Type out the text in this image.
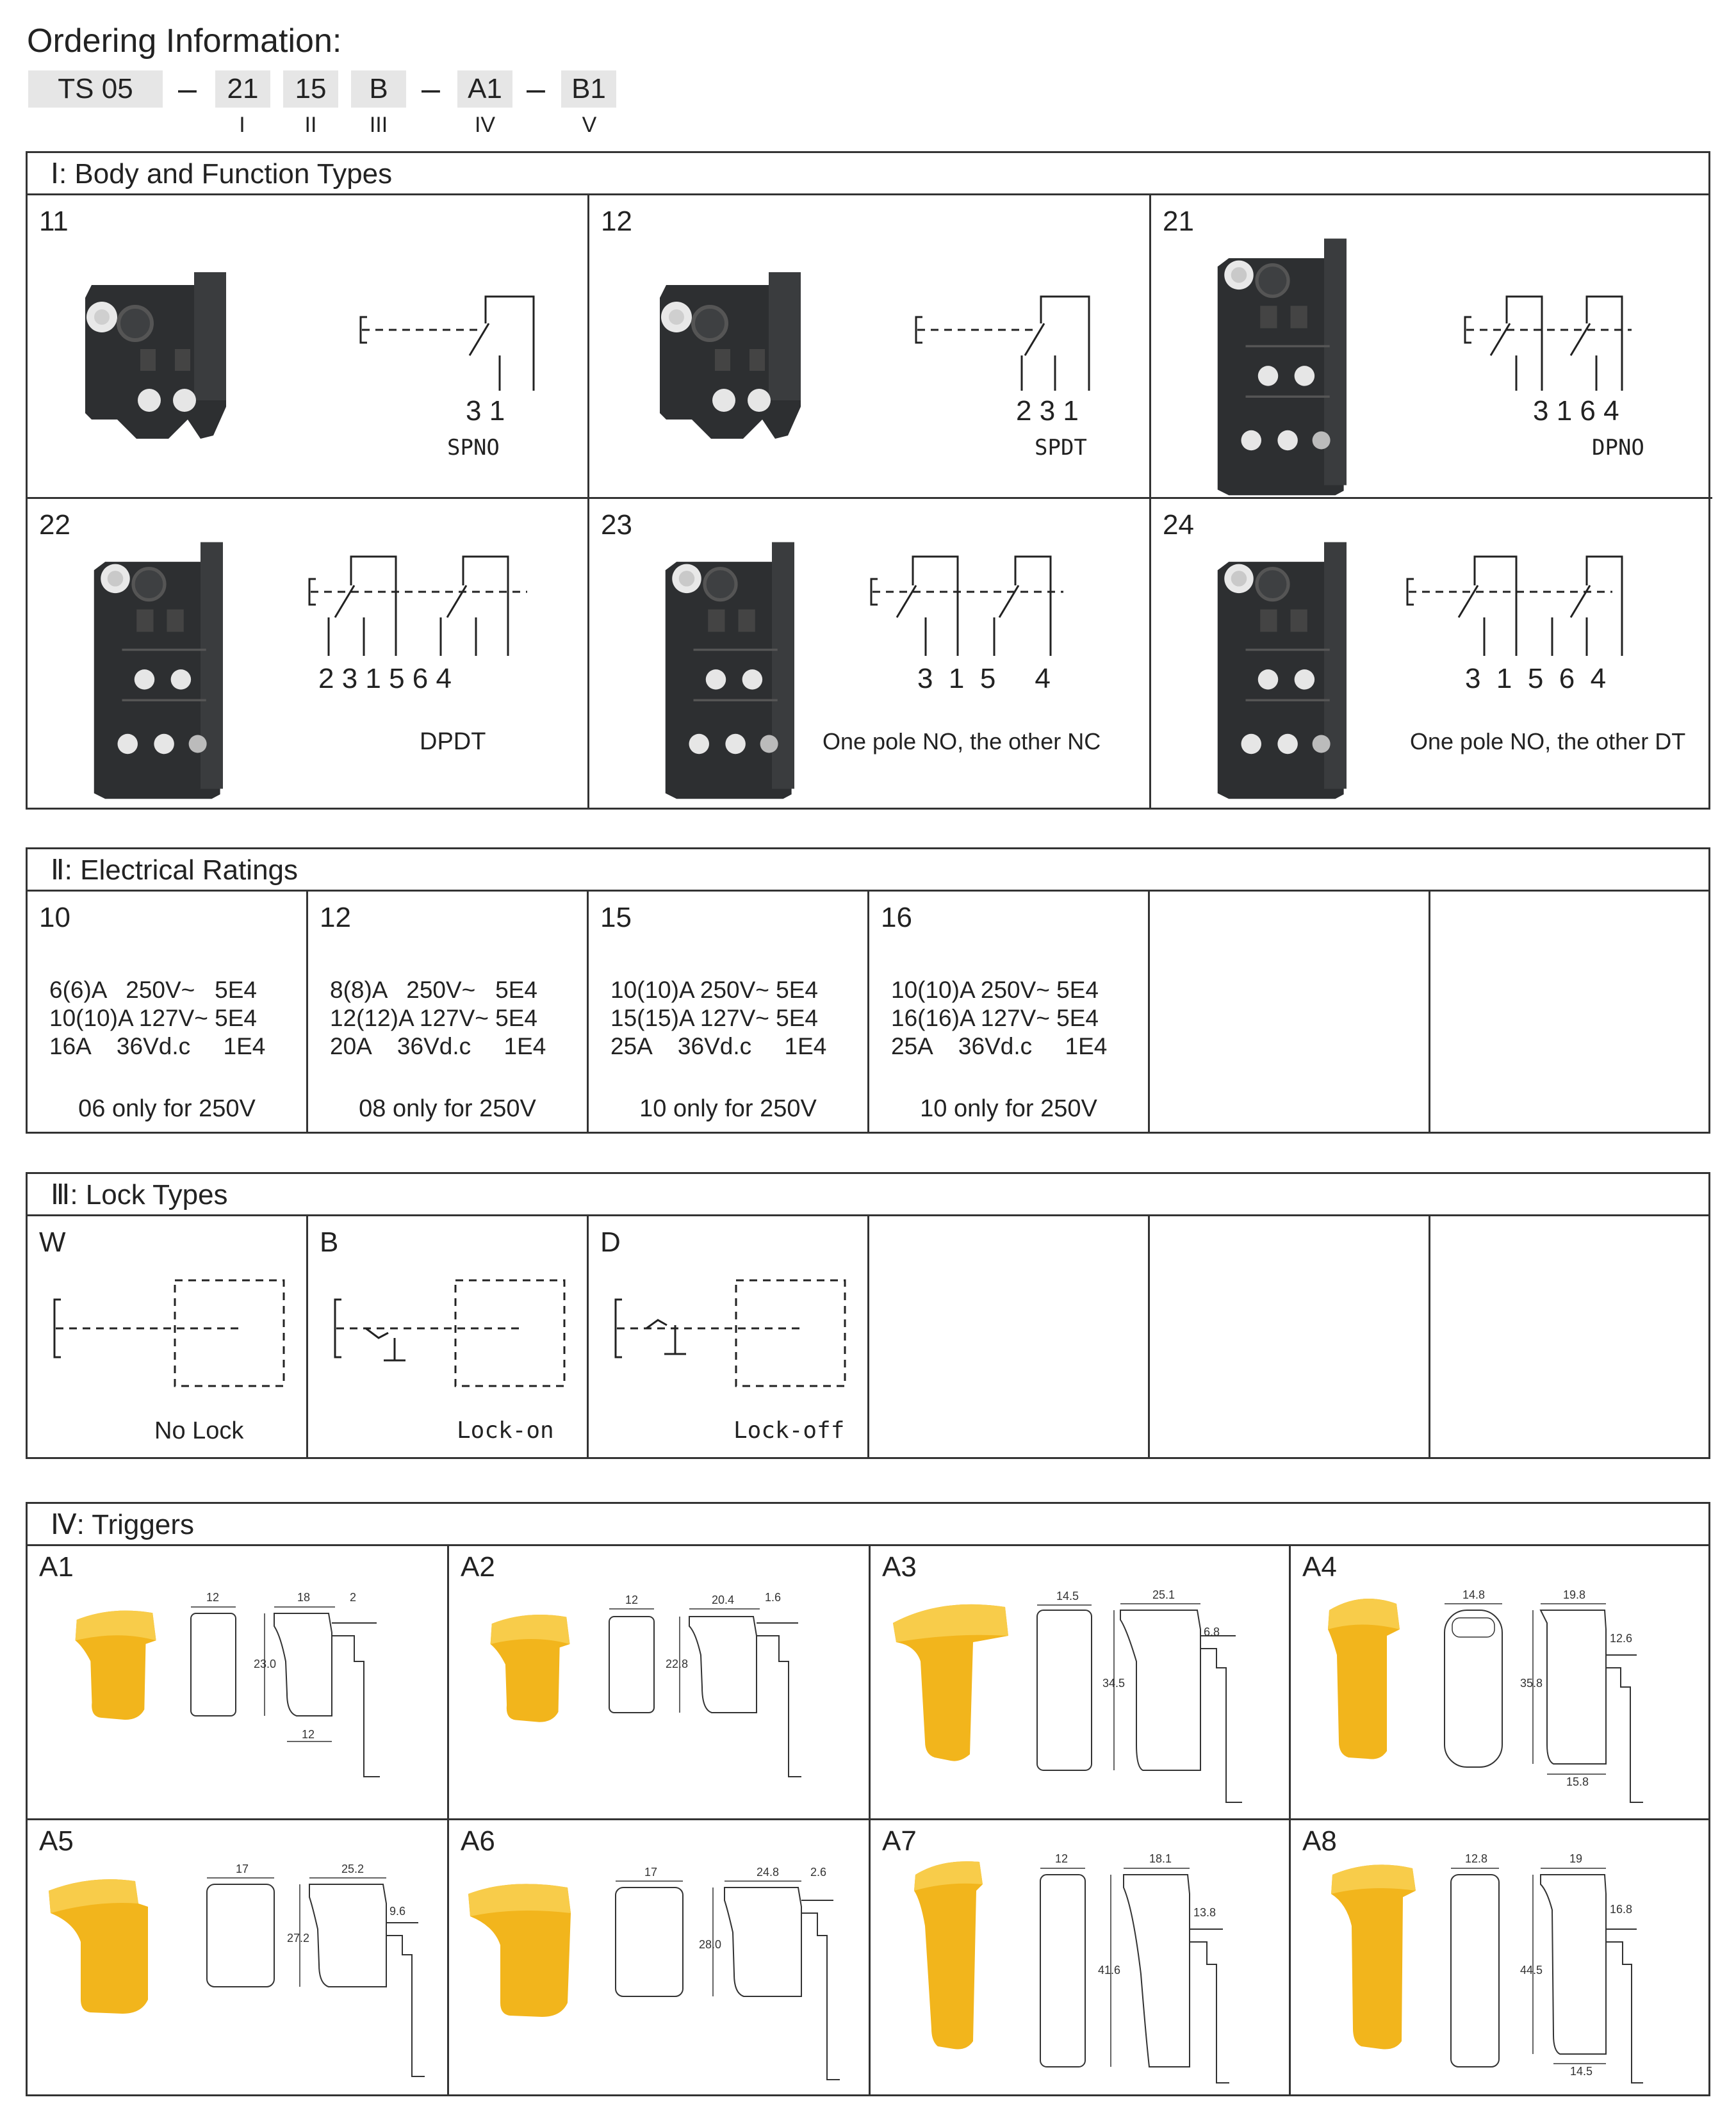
Ordering Information:
TS 05	–	21	15	B	– A1 – B1
I	II	III	IV	V
Ⅰ: Body and Function Types
11
3 1
SPNO
12
2 3 1
SPDT
21
3 1 6 4
DPNO
22
2 3 1 5 6 4
DPDT
23
3  1  5     4
One pole NO, the other NC
24
3  1  5  6  4
One pole NO, the other DT
Ⅱ: Electrical Ratings
10
6(6)A   250V~   5E4
10(10)A 127V~ 5E4
16A    36Vd.c     1E4
06 only for 250V
12
8(8)A   250V~   5E4
12(12)A 127V~ 5E4
20A    36Vd.c     1E4
08 only for 250V
15
10(10)A 250V~ 5E4
15(15)A 127V~ 5E4
25A    36Vd.c     1E4
10 only for 250V
16
10(10)A 250V~ 5E4
16(16)A 127V~ 5E4
25A    36Vd.c     1E4
10 only for 250V
Ⅲ: Lock Types
W
No Lock
B
Lock-on
D
Lock-off
Ⅳ: Triggers
A1
12	18	2
23.0
12
A2
12	20.4	1.6
22.8
A3
14.5	25.1
6.8
34.5
A4
14.8	19.8
12.6
35.8
15.8
A5
17	25.2
9.6
27.2
A6
17	24.8	2.6
28.0
A7
12	18.1
13.8
41.6
A8
12.8	19
16.8
44.5
14.5
